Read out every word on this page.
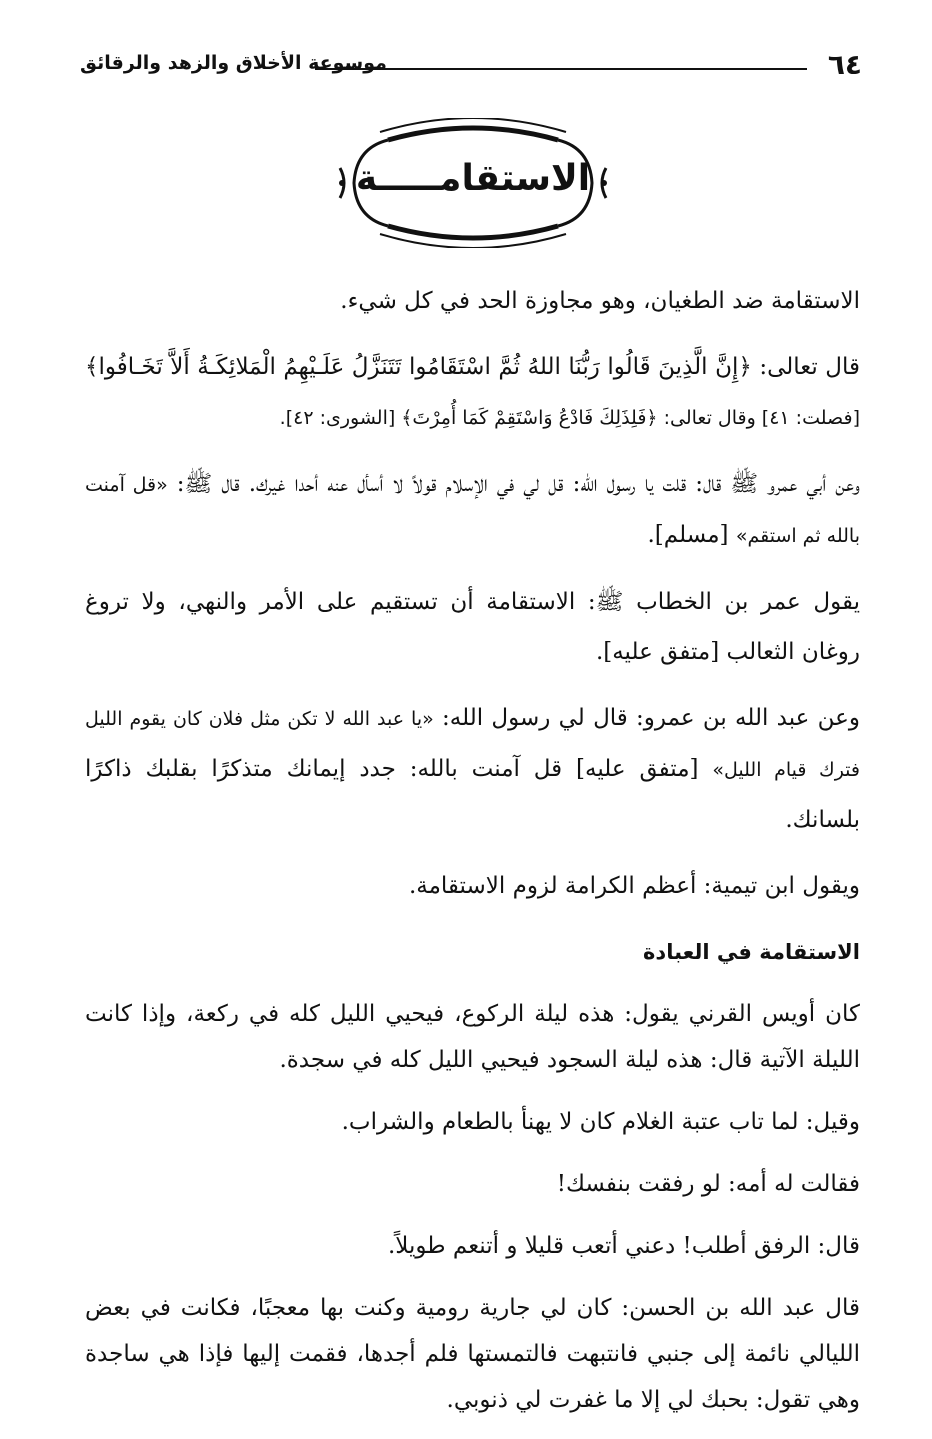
٦٤
موسوعة الأخلاق والزهد والرقائق
الاستقامـــــة

الاستقامة ضد الطغيان، وهو مجاوزة الحد في كل شيء.

قال تعالى: ﴿إِنَّ الَّذِينَ قَالُوا رَبُّنَا اللهُ ثُمَّ اسْتَقَامُوا تَتَنَزَّلُ عَلَـيْهِمُ الْمَلائِكَـةُ أَلاَّ تَخَـافُوا﴾ [فصلت: ٤١] وقال تعالى: ﴿فَلِذَلِكَ فَادْعُ وَاسْتَقِمْ كَمَا أُمِرْتَ﴾ [الشورى: ٤٢].

وعن أبي عمرو ﷺ قال: قلت يا رسول الله: قل لي في الإسلام قولاً لا أسأل عنه أحدا غيرك. قال ﷺ: «قل آمنت بالله ثم استقم» [مسلم].

يقول عمر بن الخطاب ﷺ: الاستقامة أن تستقيم على الأمر والنهي، ولا تروغ روغان الثعالب [متفق عليه].

وعن عبد الله بن عمرو: قال لي رسول الله: «يا عبد الله لا تكن مثل فلان كان يقوم الليل فترك قيام الليل» [متفق عليه] قل آمنت بالله: جدد إيمانك متذكرًا بقلبك ذاكرًا بلسانك.

ويقول ابن تيمية: أعظم الكرامة لزوم الاستقامة.

الاستقامة في العبادة

كان أويس القرني يقول: هذه ليلة الركوع، فيحيي الليل كله في ركعة، وإذا كانت الليلة الآتية قال: هذه ليلة السجود فيحيي الليل كله في سجدة.

وقيل: لما تاب عتبة الغلام كان لا يهنأ بالطعام والشراب.

فقالت له أمه: لو رفقت بنفسك!

قال: الرفق أطلب! دعني أتعب قليلا و أتنعم طويلاً.

قال عبد الله بن الحسن: كان لي جارية رومية وكنت بها معجبًا، فكانت في بعض الليالي نائمة إلى جنبي فانتبهت فالتمستها فلم أجدها، فقمت إليها فإذا هي ساجدة وهي تقول: بحبك لي إلا ما غفرت لي ذنوبي.
